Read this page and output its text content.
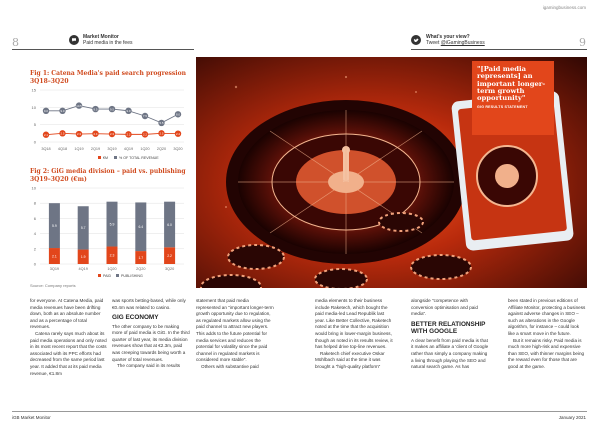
igamingbusiness.com
8	Market Monitor
Paid media in the fees
What's your view?
Tweet @iGamingBusiness	9
Fig 1: Catena Media's paid search progression
3Q18–3Q20
0
5
10
15
3Q18 4Q18 1Q19 2Q19 3Q19 4Q19 1Q20 2Q20 3Q20
2.1	2.5	2.3	2.4	2.3	2.2	2.2	2.5	2.4
9.0	9.0
10.5
9.5	9.5	9.0
7.5
5.5
8.0
€M	% OF TOTAL REVENUE
Fig 2: GiG media division – paid vs. publishing
3Q19–3Q20 (€m)
0
2
4
6
8
10
2.1
5.9
3Q19
1.9
5.7
4Q19
2.3
5.9
1Q20
1.7
6.4
2Q20
2.2
6.0
3Q20
PAID	PUBLISHING
Source: Company reports
"[Paid media represents] an important longer-term growth opportunity"
GIG RESULTS STATEMENT

for everyone. At Catena Media, paid media revenues have been drifting down, both as an absolute number and as a percentage of total revenues.

Catena rarely says much about its paid media operations and only noted in its most recent report that the costs associated with its PPC efforts had decreased from the same period last year. It added that at its paid media revenue, €1.8m

was sports betting-based, while only €0.4m was related to casino.

GIG ECONOMY

The other company to be making more of paid media is GiG. In the third quarter of last year, its media division revenues show that at €2.3m, paid was creeping towards being worth a quarter of total revenues.

The company said in its results

statement that paid media represented an "important longer-term growth opportunity due to regulation, as regulated markets allow using the paid channel to attract new players. This adds to the future potential for media services and reduces the potential for volatility since the paid channel in regulated markets is considered more stable".

Others with substantive paid

media elements to their business include Raketech, which bought the paid media-led Lead Republik last year. Like Better Collective, Raketech noted at the time that the acquisition would bring in lower-margin business, though as noted in its results review, it has helped drive top-line revenues.

Raketech chief executive Oskar Mühlbach said at the time it was brought a "high-quality platform"

alongside "competence with conversion optimisation and paid media".

BETTER RELATIONSHIP WITH GOOGLE

A clear benefit from paid media is that it makes an affiliate a 'client of Google rather than simply a company making a living through playing the SEO and natural search game. As has

been stated in previous editions of Affiliate Monitor, protecting a business against adverse changes in SEO – such as alterations in the Google algorithm, for instance – could look like a smart move in the future.

But it remains risky. Paid media is much more high-risk and expensive than SEO, with thinner margins being the reward even for those that are good at the game.

iGB Market Monitor	January 2021
